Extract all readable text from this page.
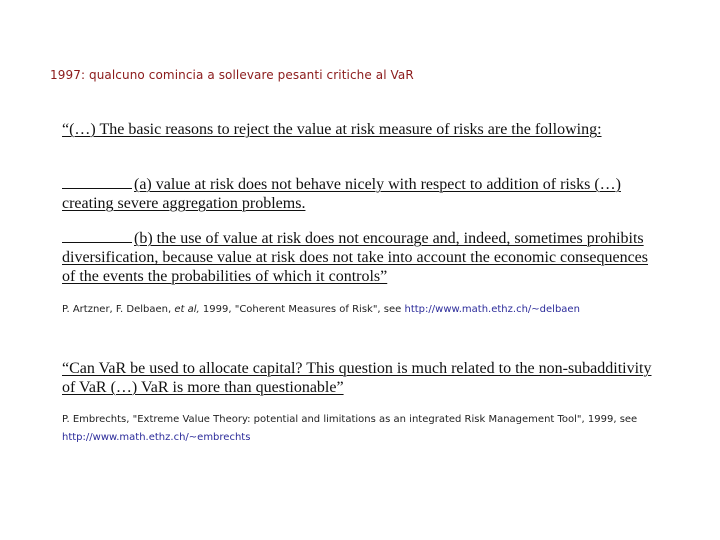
1997: qualcuno comincia a sollevare pesanti critiche al VaR
“(…) The basic reasons to reject the value at risk measure of risks are the following:
(a) value at risk does not behave nicely with respect to addition of risks (…) creating severe aggregation problems.
(b) the use of value at risk does not encourage and, indeed, sometimes prohibits diversification, because value at risk does not take into account the economic consequences of the events the probabilities of which it controls”
P. Artzner, F. Delbaen, et al, 1999, "Coherent Measures of Risk", see http://www.math.ethz.ch/~delbaen
“Can VaR be used to allocate capital? This question is much related to the non-subadditivity of VaR (…) VaR is more than questionable”
P. Embrechts, "Extreme Value Theory: potential and limitations as an integrated Risk Management Tool", 1999, see http://www.math.ethz.ch/~embrechts
